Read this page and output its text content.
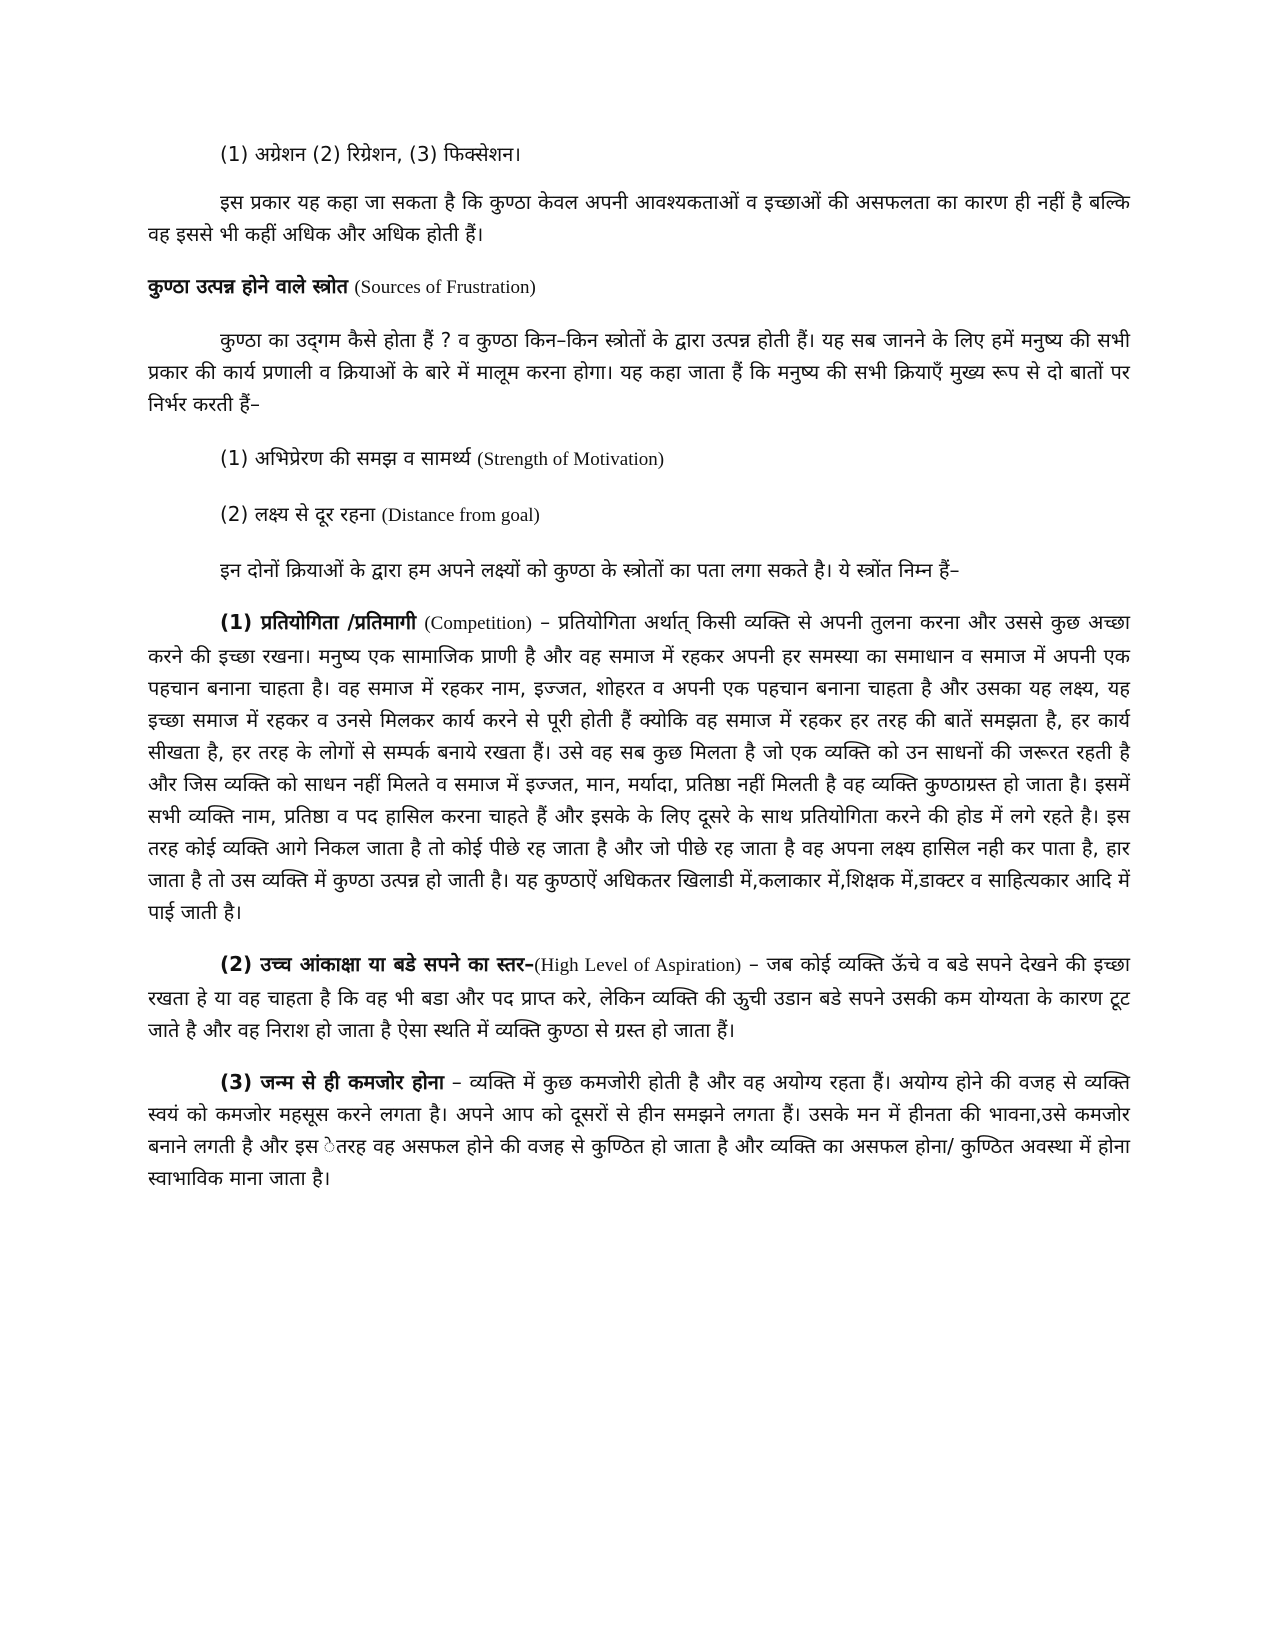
(1) अग्रेशन (2) रिग्रेशन, (3) फिक्सेशन।

इस प्रकार यह कहा जा सकता है कि कुण्ठा केवल अपनी आवश्यकताओं व इच्छाओं की असफलता का कारण ही नहीं है बल्कि वह इससे भी कहीं अधिक और अधिक होती हैं।

कुण्ठा उत्पन्न होने वाले स्त्रोत (Sources of Frustration)

कुण्ठा का उद्‌गम कैसे होता हैं ? व कुण्ठा किन–किन स्त्रोतों के द्वारा उत्पन्न होती हैं। यह सब जानने के लिए हमें मनुष्य की सभी प्रकार की कार्य प्रणाली व क्रियाओं के बारे में मालूम करना होगा। यह कहा जाता हैं कि मनुष्य की सभी क्रियाएँ मुख्य रूप से दो बातों पर निर्भर करती हैं–

(1) अभिप्रेरण की समझ व सामर्थ्य (Strength of Motivation)

(2) लक्ष्य से दूर रहना (Distance from goal)

इन दोनों क्रियाओं के द्वारा हम अपने लक्ष्यों को कुण्ठा के स्त्रोतों का पता लगा सकते है। ये स्त्रोंत निम्न हैं–

(1) प्रतियोगिता /प्रतिमागी (Competition) – प्रतियोगिता अर्थात् किसी व्यक्ति से अपनी तुलना करना और उससे कुछ अच्छा करने की इच्छा रखना। मनुष्य एक सामाजिक प्राणी है और वह समाज में रहकर अपनी हर समस्या का समाधान व समाज में अपनी एक पहचान बनाना चाहता है। वह समाज में रहकर नाम, इज्जत, शोहरत व अपनी एक पहचान बनाना चाहता है और उसका यह लक्ष्य, यह इच्छा समाज में रहकर व उनसे मिलकर कार्य करने से पूरी होती हैं क्योकि वह समाज में रहकर हर तरह की बातें समझता है, हर कार्य सीखता है, हर तरह के लोगों से सम्पर्क बनाये रखता हैं। उसे वह सब कुछ मिलता है जो एक व्यक्ति को उन साधनों की जरूरत रहती है और जिस व्यक्ति को साधन नहीं मिलते व समाज में इज्जत, मान, मर्यादा, प्रतिष्ठा नहीं मिलती है वह व्यक्ति कुण्ठाग्रस्त हो जाता है। इसमें सभी व्यक्ति नाम, प्रतिष्ठा व पद हासिल करना चाहते हैं और इसके के लिए दूसरे के साथ प्रतियोगिता करने की होड में लगे रहते है। इस तरह कोई व्यक्ति आगे निकल जाता है तो कोई पीछे रह जाता है और जो पीछे रह जाता है वह अपना लक्ष्य हासिल नही कर पाता है, हार जाता है तो उस व्यक्ति में कुण्ठा उत्पन्न हो जाती है। यह कुण्ठाऐं अधिकतर खिलाडी में,कलाकार में,शिक्षक में,डाक्टर व साहित्यकार आदि में पाई जाती है।

(2) उच्च आंकाक्षा या बडे सपने का स्तर–(High Level of Aspiration) – जब कोई व्यक्ति ऊॅचे व बडे सपने देखने की इच्छा रखता हे या वह चाहता है कि वह भी बडा और पद प्राप्त करे, लेकिन व्यक्ति की ऊुची उडान बडे सपने उसकी कम योग्यता के कारण टूट जाते है और वह निराश हो जाता है ऐसा स्थति में व्यक्ति कुण्ठा से ग्रस्त हो जाता हैं।

(3) जन्म से ही कमजोर होना – व्यक्ति में कुछ कमजोरी होती है और वह अयोग्य रहता हैं। अयोग्य होने की वजह से व्यक्ति स्वयं को कमजोर महसूस करने लगता है। अपने आप को दूसरों से हीन समझने लगता हैं। उसके मन में हीनता की भावना,उसे कमजोर बनाने लगती है और इस ेतरह वह असफल होने की वजह से कुण्ठित हो जाता है और व्यक्ति का असफल होना/ कुण्ठित अवस्था में होना स्वाभाविक माना जाता है।
